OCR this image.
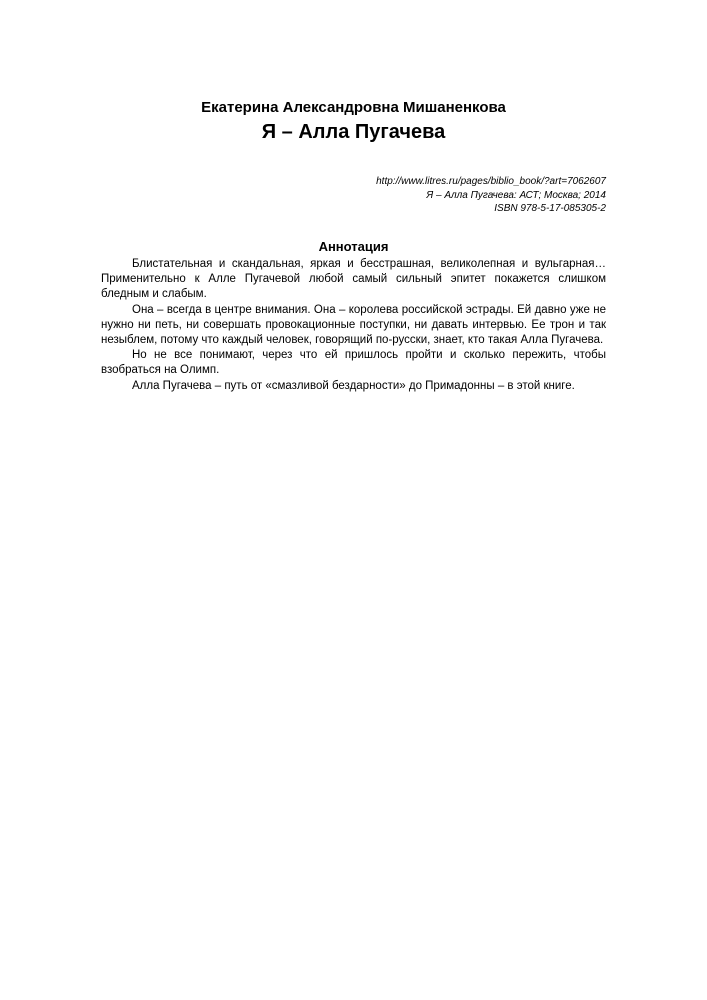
Екатерина Александровна Мишаненкова
Я – Алла Пугачева
http://www.litres.ru/pages/biblio_book/?art=7062607
Я – Алла Пугачева: АСТ; Москва; 2014
ISBN 978-5-17-085305-2
Аннотация

Блистательная и скандальная, яркая и бесстрашная, великолепная и вульгарная… Применительно к Алле Пугачевой любой самый сильный эпитет покажется слишком бледным и слабым.

Она – всегда в центре внимания. Она – королева российской эстрады. Ей давно уже не нужно ни петь, ни совершать провокационные поступки, ни давать интервью. Ее трон и так незыблем, потому что каждый человек, говорящий по-русски, знает, кто такая Алла Пугачева.

Но не все понимают, через что ей пришлось пройти и сколько пережить, чтобы взобраться на Олимп.

Алла Пугачева – путь от «смазливой бездарности» до Примадонны – в этой книге.
